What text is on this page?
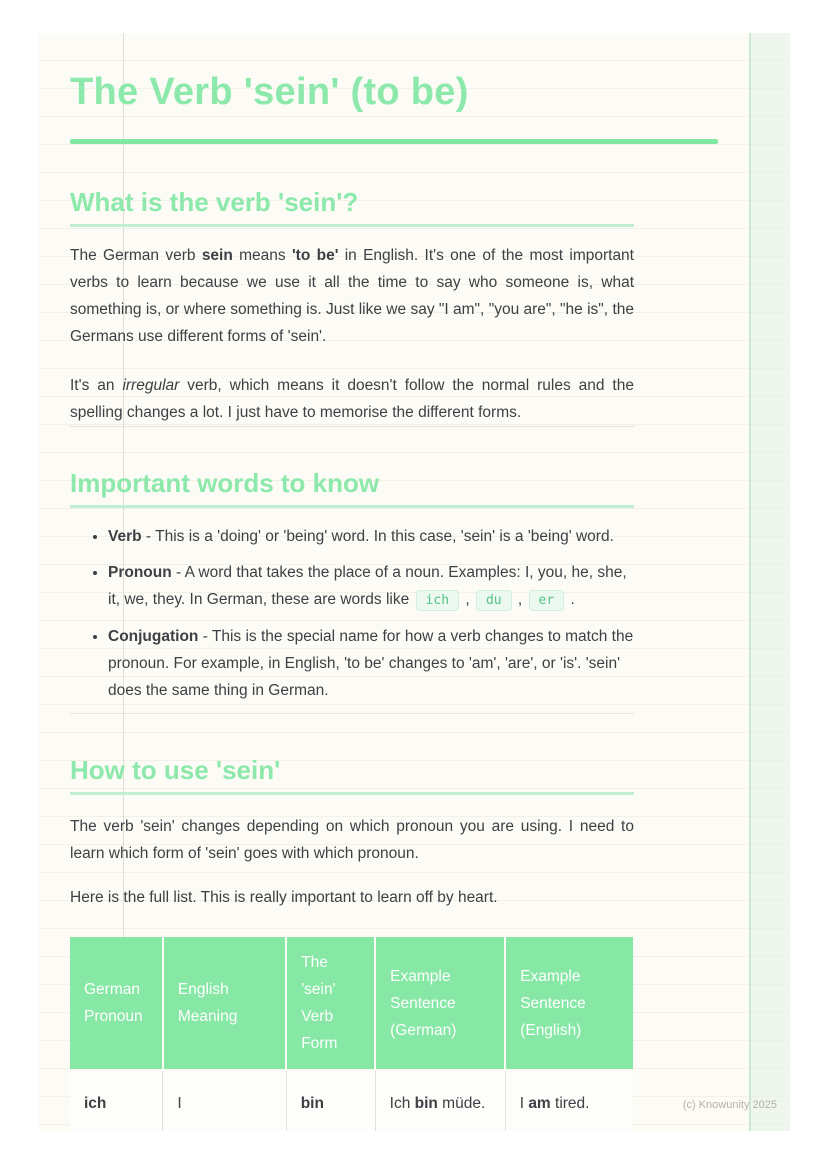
The Verb 'sein' (to be)
What is the verb 'sein'?

The German verb sein means 'to be' in English. It's one of the most important verbs to learn because we use it all the time to say who someone is, what something is, or where something is. Just like we say "I am", "you are", "he is", the Germans use different forms of 'sein'.

It's an irregular verb, which means it doesn't follow the normal rules and the spelling changes a lot. I just have to memorise the different forms.

Important words to know
• Verb - This is a 'doing' or 'being' word. In this case, 'sein' is a 'being' word.
• Pronoun - A word that takes the place of a noun. Examples: I, you, he, she, it, we, they. In German, these are words like ich , du , er .
• Conjugation - This is the special name for how a verb changes to match the pronoun. For example, in English, 'to be' changes to 'am', 'are', or 'is'. 'sein' does the same thing in German.
How to use 'sein'

The verb 'sein' changes depending on which pronoun you are using. I need to learn which form of 'sein' goes with which pronoun.

Here is the full list. This is really important to learn off by heart.

German Pronoun	English Meaning	The 'sein' Verb Form	Example Sentence (German)	Example Sentence (English)
ich	I	bin	Ich bin müde.	I am tired.	(c) Knowunity 2025
